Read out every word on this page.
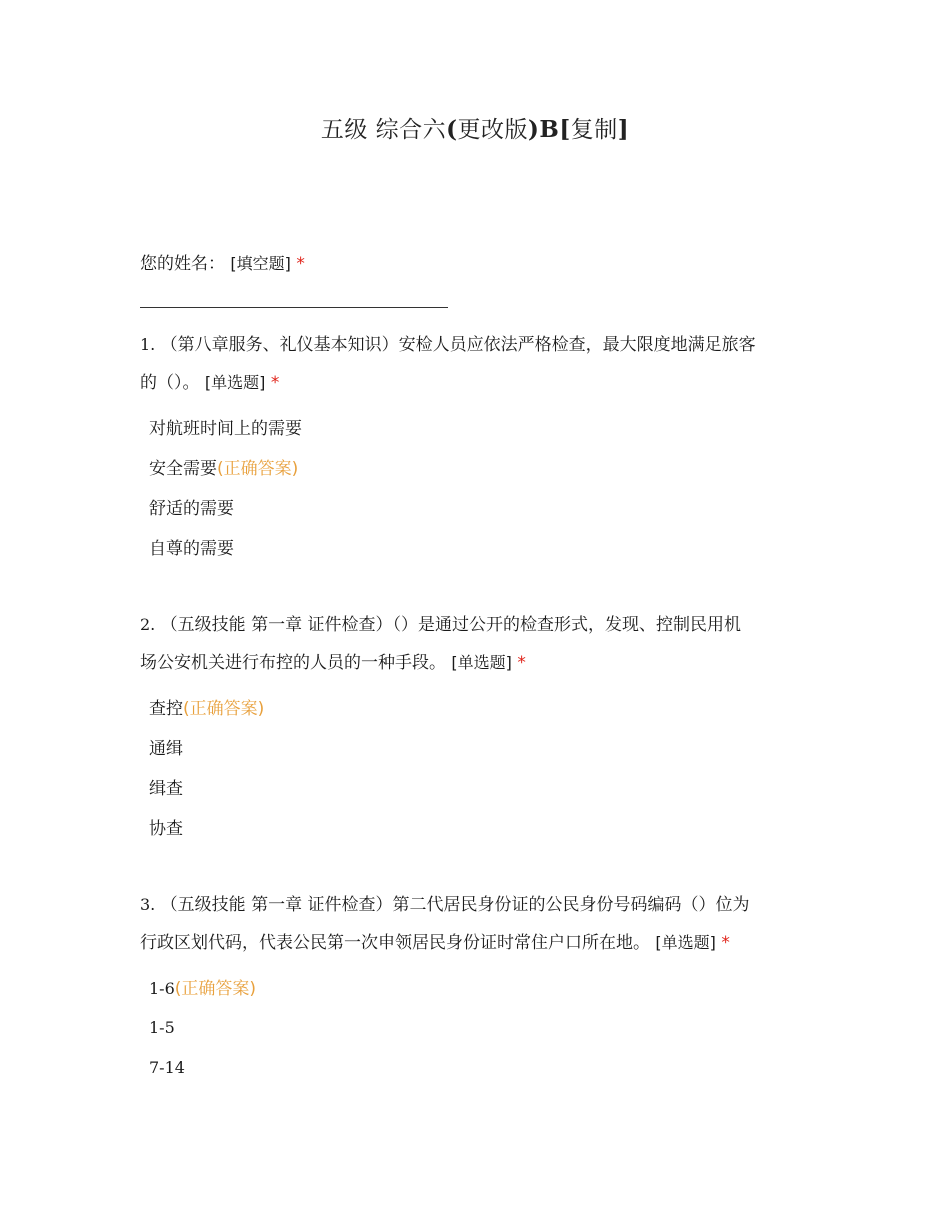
五级 综合六(更改版)B[复制]
您的姓名： [填空题] *
1. （第八章服务、礼仪基本知识）安检人员应依法严格检查，最大限度地满足旅客
的（）。 [单选题] *
对航班时间上的需要
安全需要(正确答案)
舒适的需要
自尊的需要
2. （五级技能 第一章 证件检查）（）是通过公开的检查形式，发现、控制民用机
场公安机关进行布控的人员的一种手段。 [单选题] *
查控(正确答案)
通缉
缉查
协查
3. （五级技能 第一章 证件检查）第二代居民身份证的公民身份号码编码（）位为
行政区划代码，代表公民第一次申领居民身份证时常住户口所在地。 [单选题] *
1-6(正确答案)
1-5
7-14
